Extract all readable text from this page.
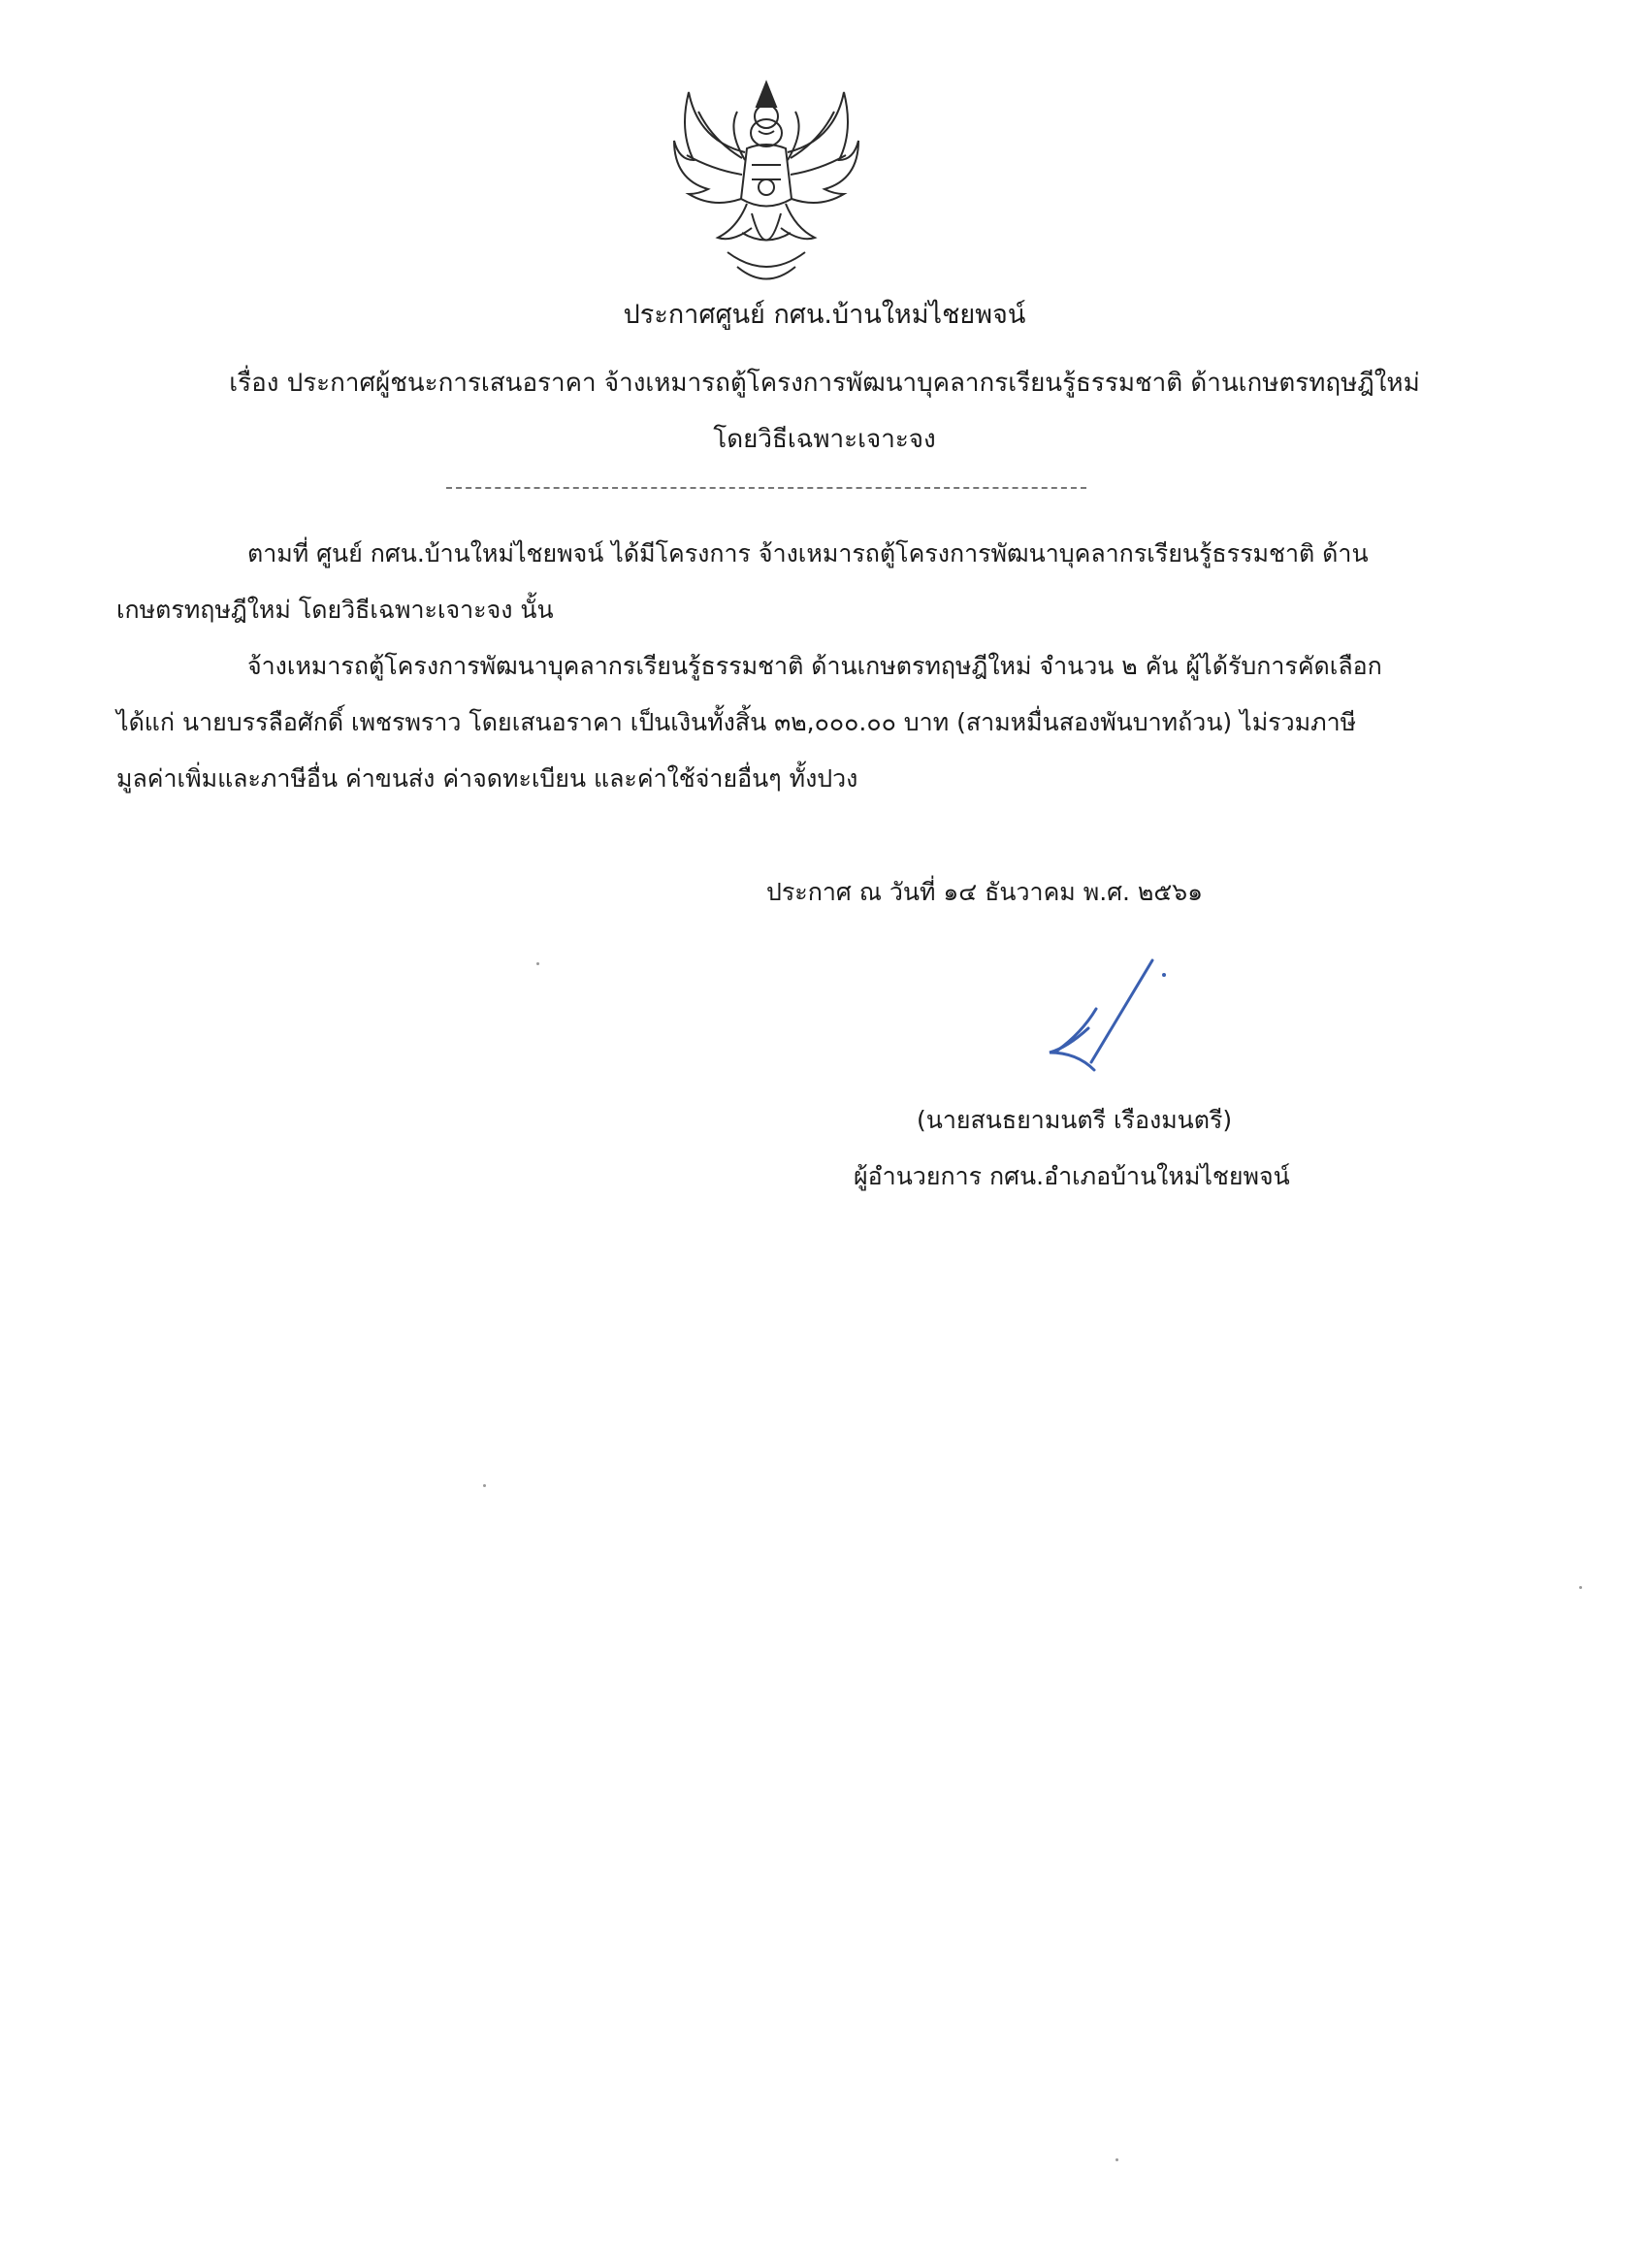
ประกาศศูนย์ กศน.บ้านใหม่ไชยพจน์
เรื่อง ประกาศผู้ชนะการเสนอราคา จ้างเหมารถตู้โครงการพัฒนาบุคลากรเรียนรู้ธรรมชาติ ด้านเกษตรทฤษฎีใหม่
โดยวิธีเฉพาะเจาะจง
ตามที่ ศูนย์ กศน.บ้านใหม่ไชยพจน์ ได้มีโครงการ จ้างเหมารถตู้โครงการพัฒนาบุคลากรเรียนรู้ธรรมชาติ ด้านเกษตรทฤษฎีใหม่ โดยวิธีเฉพาะเจาะจง นั้น
จ้างเหมารถตู้โครงการพัฒนาบุคลากรเรียนรู้ธรรมชาติ ด้านเกษตรทฤษฎีใหม่ จำนวน ๒ คัน ผู้ได้รับการคัดเลือก ได้แก่ นายบรรลือศักดิ์ เพชรพราว โดยเสนอราคา เป็นเงินทั้งสิ้น ๓๒,๐๐๐.๐๐ บาท (สามหมื่นสองพันบาทถ้วน) ไม่รวมภาษีมูลค่าเพิ่มและภาษีอื่น ค่าขนส่ง ค่าจดทะเบียน และค่าใช้จ่ายอื่นๆ ทั้งปวง
ประกาศ ณ วันที่ ๑๔ ธันวาคม พ.ศ. ๒๕๖๑
(นายสนธยามนตรี เรืองมนตรี)
ผู้อำนวยการ กศน.อำเภอบ้านใหม่ไชยพจน์
